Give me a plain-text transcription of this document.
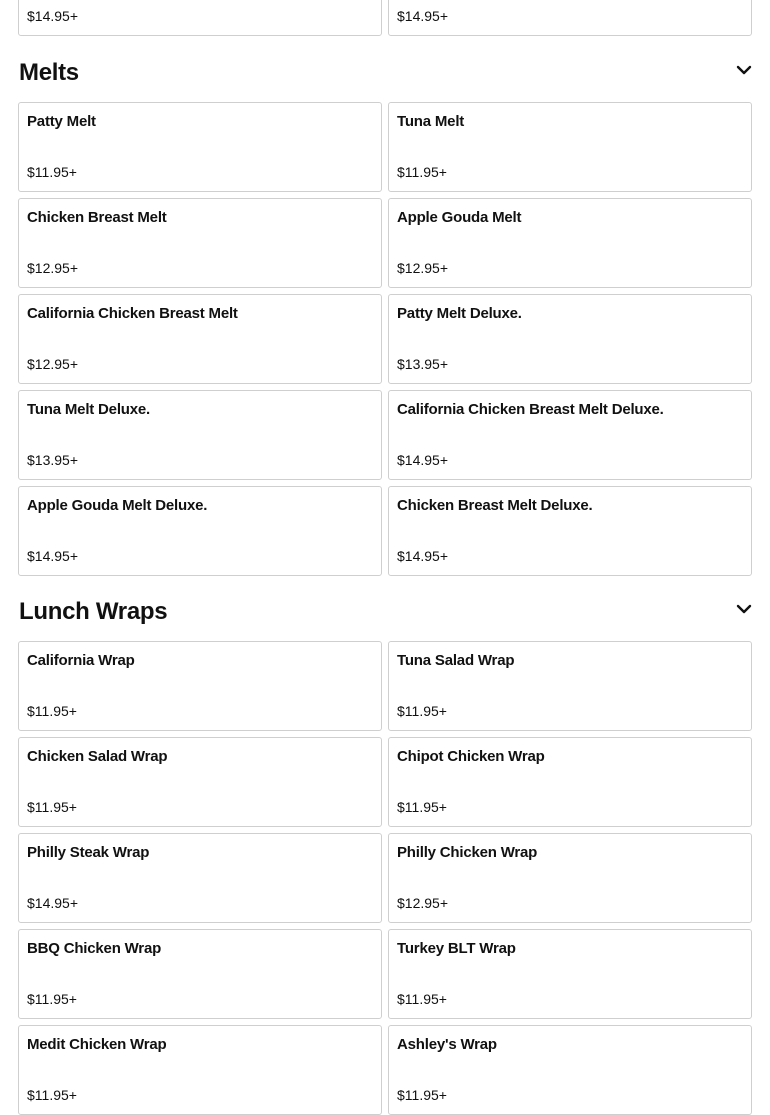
$14.95+	$14.95+
Melts
Patty Melt
$11.95+
Tuna Melt
$11.95+
Chicken Breast Melt
$12.95+
Apple Gouda Melt
$12.95+
California Chicken Breast Melt
$12.95+
Patty Melt Deluxe.
$13.95+
Tuna Melt Deluxe.
$13.95+
California Chicken Breast Melt Deluxe.
$14.95+
Apple Gouda Melt Deluxe.
$14.95+
Chicken Breast Melt Deluxe.
$14.95+
Lunch Wraps
California Wrap
$11.95+
Tuna Salad Wrap
$11.95+
Chicken Salad Wrap
$11.95+
Chipot Chicken Wrap
$11.95+
Philly Steak Wrap
$14.95+
Philly Chicken Wrap
$12.95+
BBQ Chicken Wrap
$11.95+
Turkey BLT Wrap
$11.95+
Medit Chicken Wrap
$11.95+
Ashley's Wrap
$11.95+
